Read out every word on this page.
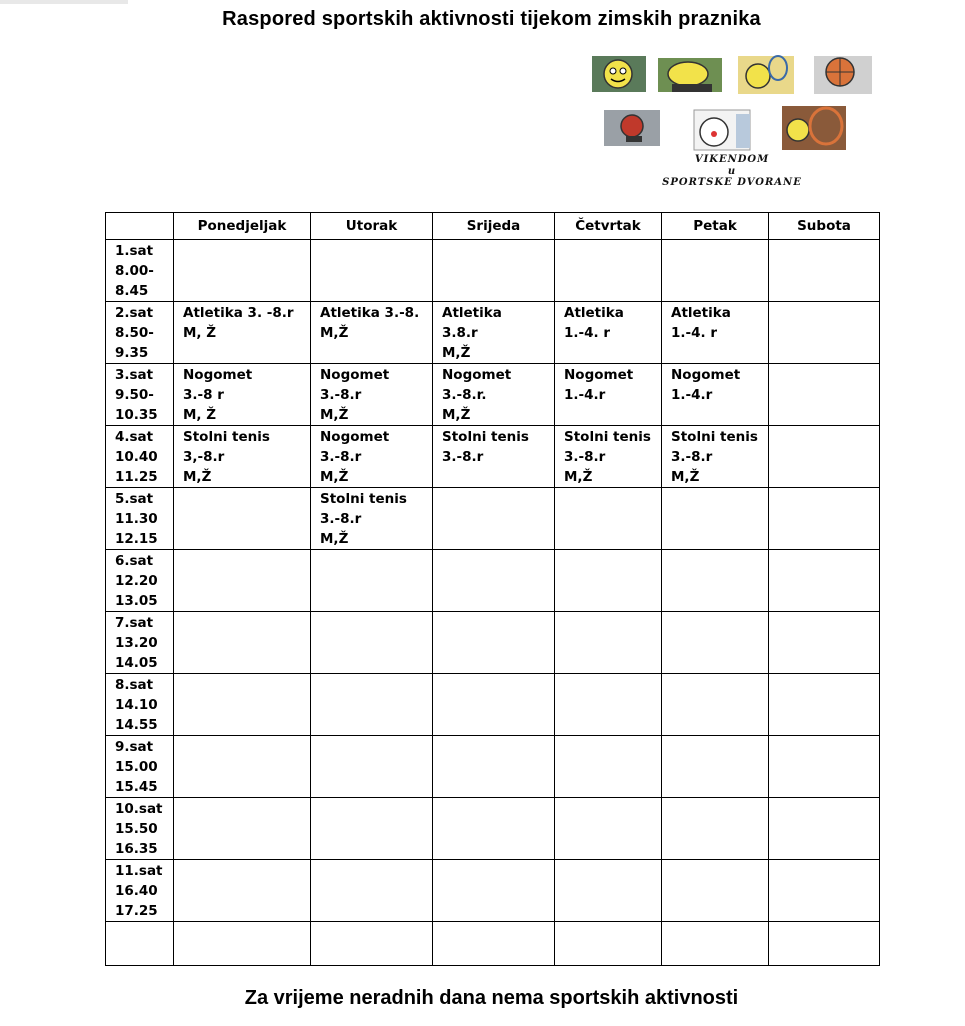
Raspored sportskih aktivnosti tijekom zimskih praznika
VIKENDOM
u
SPORTSKE DVORANE
	Ponedjeljak	Utorak	Srijeda	Četvrtak	Petak	Subota

1.sat
8.00-
8.45						

2.sat
8.50-
9.35	Atletika 3. -8.r
M, Ž	Atletika 3.-8.
M,Ž	Atletika
3.8.r
M,Ž	Atletika
1.-4. r	Atletika
1.-4. r	

3.sat
9.50-
10.35	Nogomet
3.-8 r
M, Ž	Nogomet
3.-8.r
M,Ž	Nogomet
3.-8.r.
M,Ž	Nogomet
1.-4.r	Nogomet
1.-4.r	

4.sat
10.40
11.25	Stolni tenis
3,-8.r
M,Ž	Nogomet
3.-8.r
M,Ž	Stolni tenis
3.-8.r	Stolni tenis
3.-8.r
M,Ž	Stolni tenis
3.-8.r
M,Ž	

5.sat
11.30
12.15		Stolni tenis
3.-8.r
M,Ž				

6.sat
12.20
13.05						

7.sat
13.20
14.05						

8.sat
14.10
14.55						

9.sat
15.00
15.45						

10.sat
15.50
16.35						

11.sat
16.40
17.25						

Za vrijeme neradnih dana nema sportskih aktivnosti
